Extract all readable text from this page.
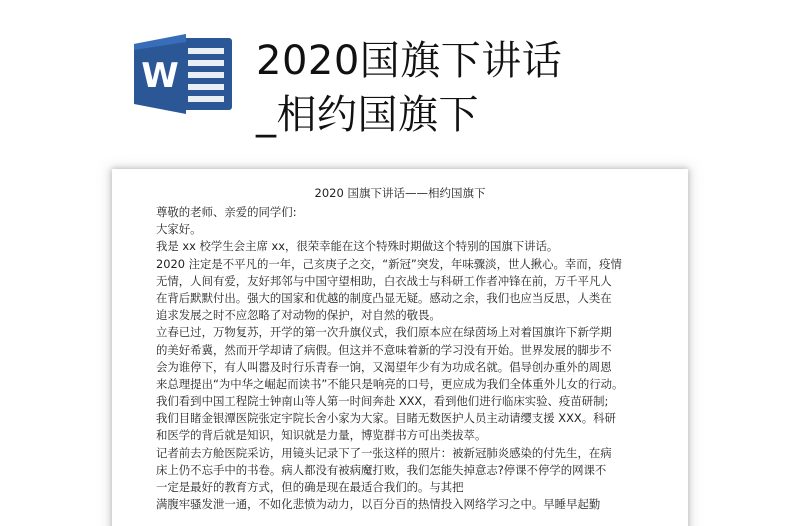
W 2020国旗下讲话
_相约国旗下
2020 国旗下讲话——相约国旗下
尊敬的老师、亲爱的同学们:
大家好。
我是 xx 校学生会主席 xx，很荣幸能在这个特殊时期做这个特别的国旗下讲话。
2020 注定是不平凡的一年，己亥庚子之交，“新冠”突发，年味骤淡，世人揪心。幸而，疫情
无情，人间有爱，友好邦邻与中国守望相助，白衣战士与科研工作者冲锋在前，万千平凡人
在背后默默付出。强大的国家和优越的制度凸显无疑。感动之余，我们也应当反思，人类在
追求发展之时不应忽略了对动物的保护，对自然的敬畏。
立春已过，万物复苏，开学的第一次升旗仪式，我们原本应在绿茵场上对着国旗许下新学期
的美好希冀，然而开学却请了病假。但这并不意味着新的学习没有开始。世界发展的脚步不
会为谁停下，有人叫嚣及时行乐青春一饷，又渴望年少有为功成名就。倡导创办重外的周恩
来总理提出“为中华之崛起而读书”不能只是响亮的口号，更应成为我们全体重外儿女的行动。
我们看到中国工程院士钟南山等人第一时间奔赴 XXX，看到他们进行临床实验、疫苗研制;
我们目睹金银潭医院张定宇院长舍小家为大家。目睹无数医护人员主动请缨支援 XXX。科研
和医学的背后就是知识，知识就是力量，博览群书方可出类拔萃。
记者前去方舱医院采访，用镜头记录下了一张这样的照片：被新冠肺炎感染的付先生，在病
床上仍不忘手中的书卷。病人都没有被病魔打败，我们怎能失掉意志?停课不停学的网课不
一定是最好的教育方式，但的确是现在最适合我们的。与其把
满腹牢骚发泄一通，不如化悲愤为动力，以百分百的热情投入网络学习之中。早睡早起勤
